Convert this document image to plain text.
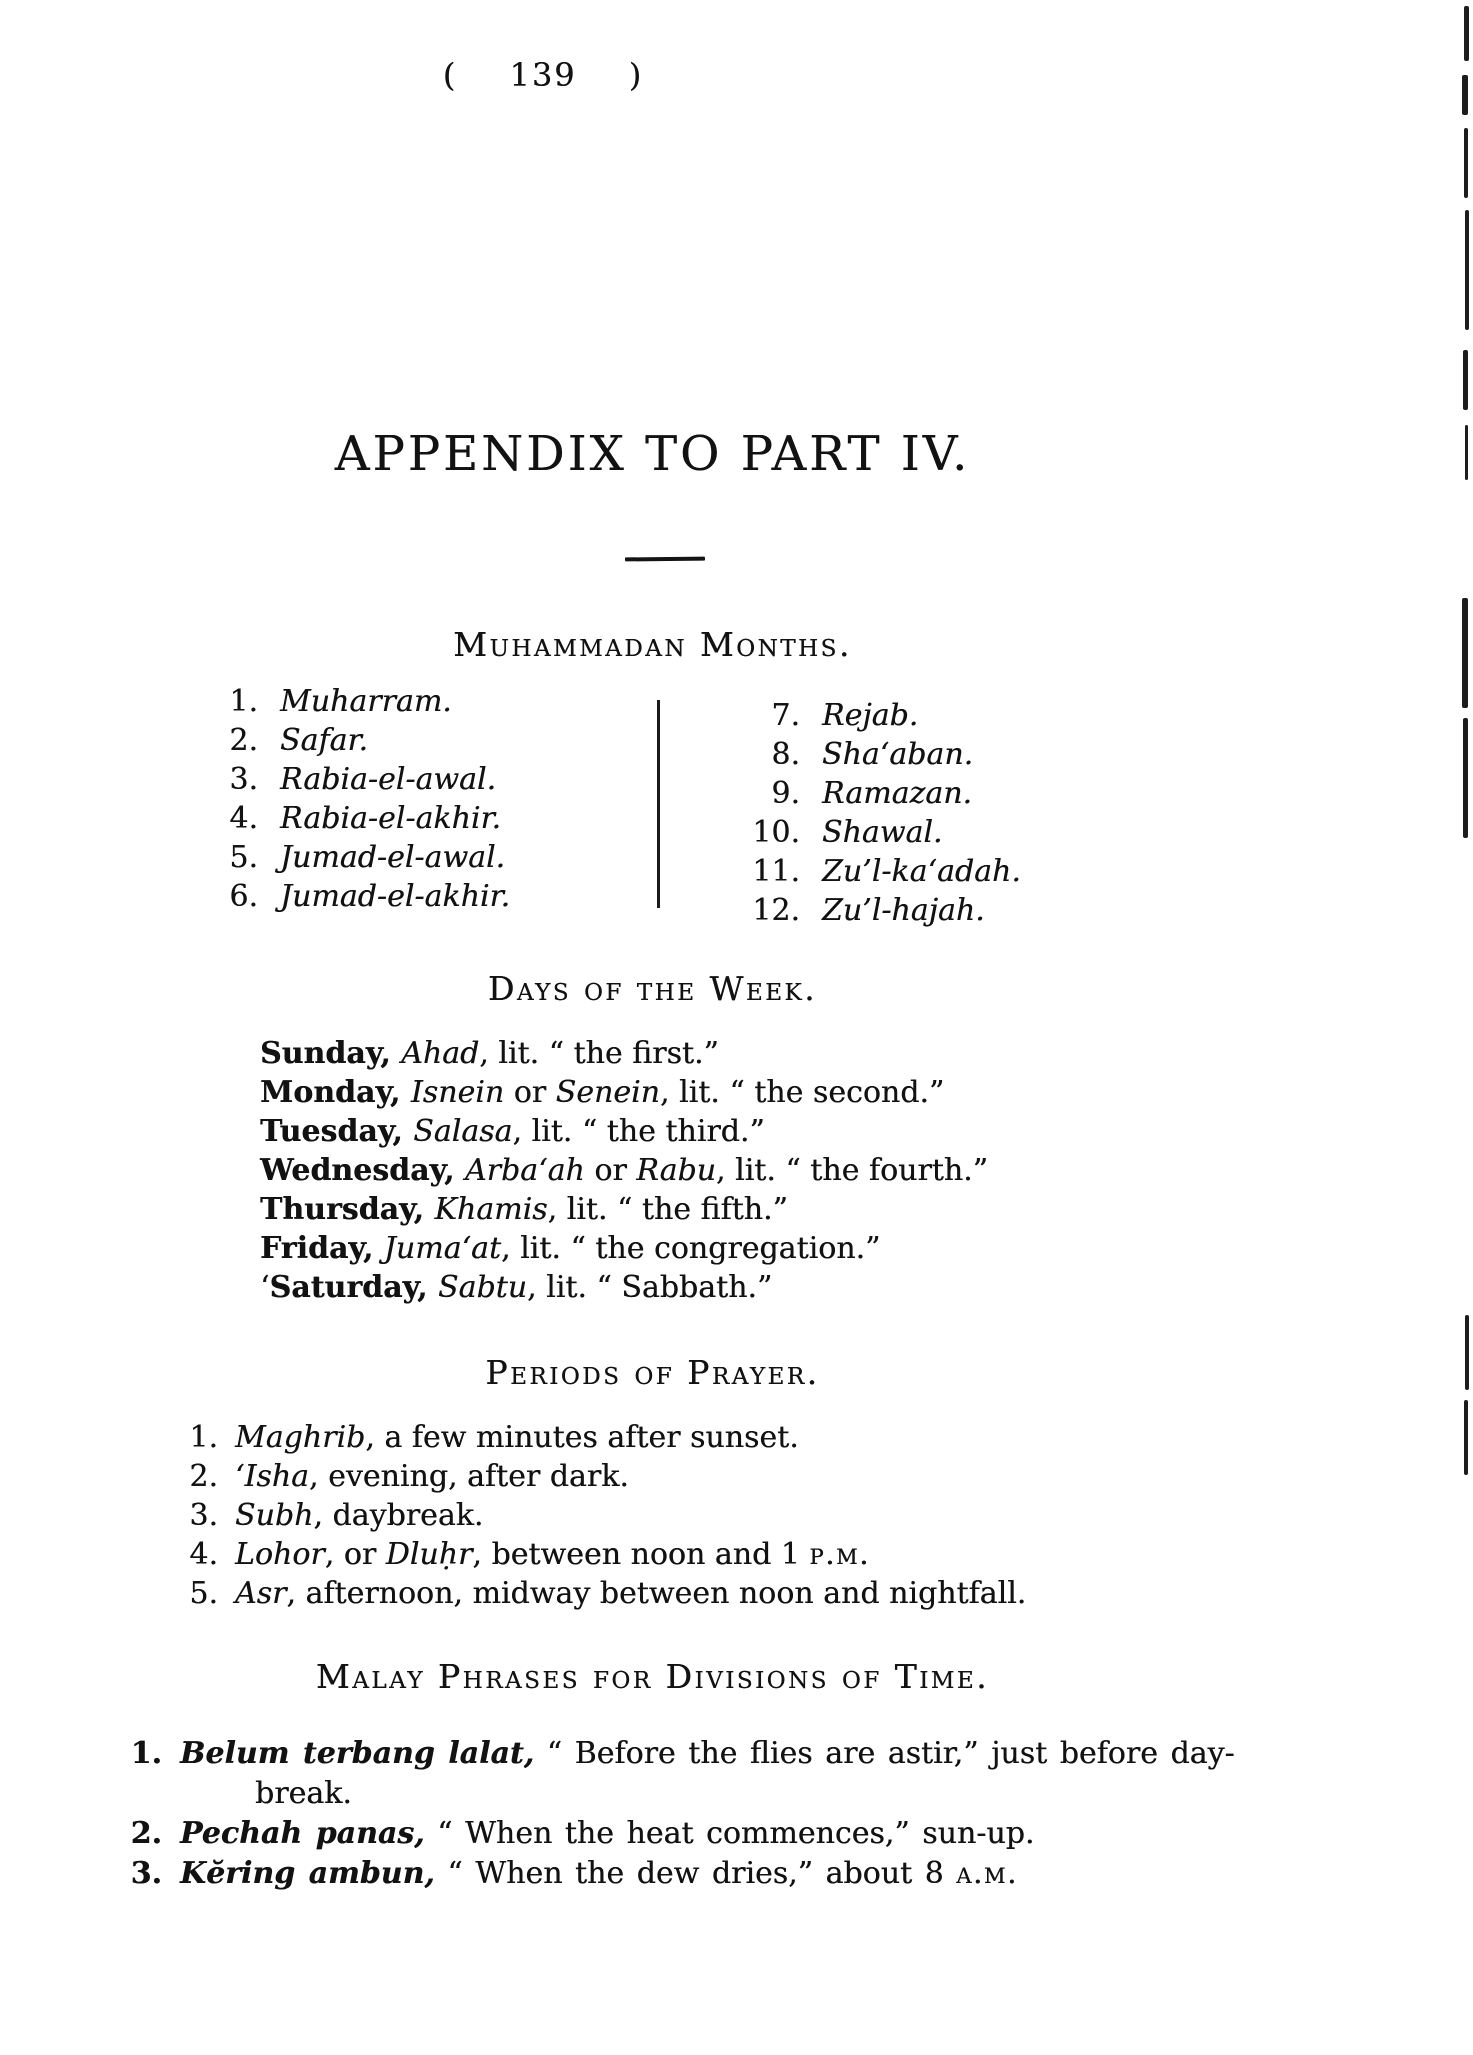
( 139 )
APPENDIX TO PART IV.
Muhammadan Months.
1. Muharram.
2. Safar.
3. Rabia-el-awal.
4. Rabia-el-akhir.
5. Jumad-el-awal.
6. Jumad-el-akhir.
7. Rejab.
8. Shaʻaban.
9. Ramazan.
10. Shawal.
11. Zu’l-kaʻadah.
12. Zu’l-hajah.
Days of the Week.
Sunday, Ahad, lit. “ the first.”
Monday, Isnein or Senein, lit. “ the second.”
Tuesday, Salasa, lit. “ the third.”
Wednesday, Arbaʻah or Rabu, lit. “ the fourth.”
Thursday, Khamis, lit. “ the fifth.”
Friday, Jumaʻat, lit. “ the congregation.”
‘Saturday, Sabtu, lit. “ Sabbath.”
Periods of Prayer.
1. Maghrib, a few minutes after sunset.
2. ʻIsha, evening, after dark.
3. Subh, daybreak.
4. Lohor, or Dluḥr, between noon and 1 p.m.
5. Asr, afternoon, midway between noon and nightfall.
Malay Phrases for Divisions of Time.
1. Belum terbang lalat, “ Before the flies are astir,” just before day-
break.
2. Pechah panas, “ When the heat commences,” sun-up.
3. Kĕring ambun, “ When the dew dries,” about 8 a.m.
